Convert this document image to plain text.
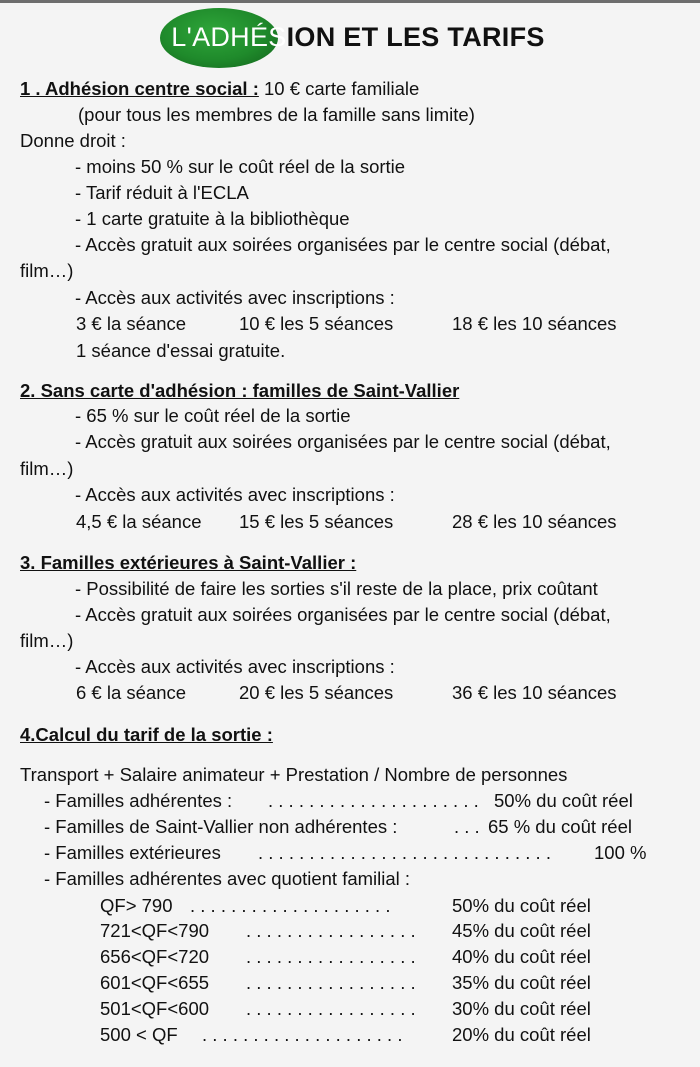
L'ADHÉSION ET LES TARIFS
1 . Adhésion centre social : 10 € carte familiale
(pour tous les membres de la famille sans limite)
Donne droit :
- moins 50 % sur le coût réel de la sortie
- Tarif réduit à l'ECLA
- 1 carte gratuite à la bibliothèque
- Accès gratuit aux soirées organisées par le centre social (débat,
film…)
- Accès aux activités avec inscriptions :
3 € la séance	10 € les 5 séances	18 € les 10 séances
1 séance d'essai gratuite.
2. Sans carte d'adhésion : familles de Saint-Vallier
- 65 % sur le coût réel de la sortie
- Accès gratuit aux soirées organisées par le centre social (débat,
film…)
- Accès aux activités avec inscriptions :
4,5 € la séance 15 € les 5 séances	28 € les 10 séances
3. Familles extérieures à Saint-Vallier :
- Possibilité de faire les sorties s'il reste de la place, prix coûtant
- Accès gratuit aux soirées organisées par le centre social (débat,
film…)
- Accès aux activités avec inscriptions :
6 € la séance	20 € les 5 séances	36 € les 10 séances
4.Calcul du tarif de la sortie :
Transport + Salaire animateur + Prestation / Nombre de personnes
- Familles adhérentes : . . . . . . . . . . . . . . . . . . . . . 50% du coût réel
- Familles de Saint-Vallier non adhérentes :	. . . 65 % du coût réel
- Familles extérieures . . . . . . . . . . . . . . . . . . . . . . . . . . . . . 100 %
- Familles adhérentes avec quotient familial :
QF> 790 . . . . . . . . . . . . . . . . . . . .	50% du coût réel
721<QF<790 . . . . . . . . . . . . . . . . . 45% du coût réel
656<QF<720 . . . . . . . . . . . . . . . . . 40% du coût réel
601<QF<655 . . . . . . . . . . . . . . . . . 35% du coût réel
501<QF<600 . . . . . . . . . . . . . . . . . 30% du coût réel
500 < QF . . . . . . . . . . . . . . . . . . . .	20% du coût réel
